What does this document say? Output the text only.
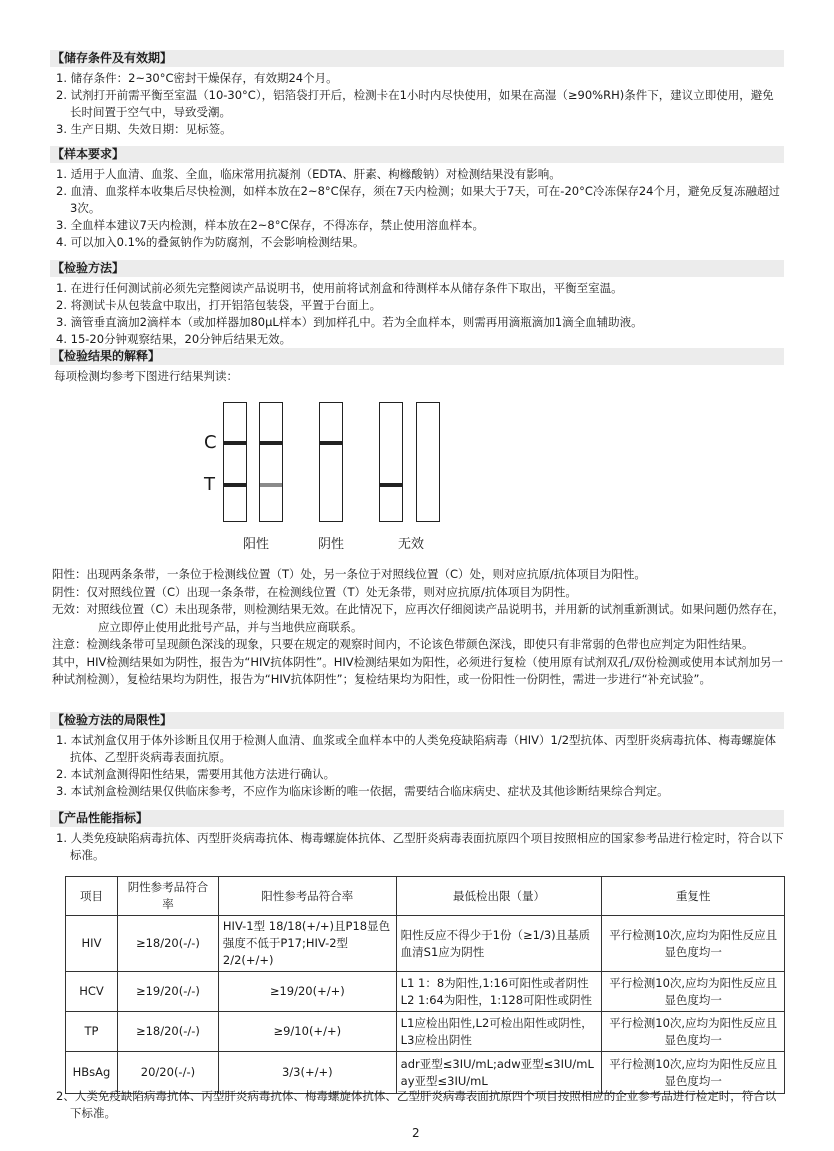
【储存条件及有效期】
1. 储存条件：2~30°C密封干燥保存，有效期24个月。
2. 试剂打开前需平衡至室温（10-30°C），铝箔袋打开后，检测卡在1小时内尽快使用，如果在高湿（≥90%RH)条件下，建议立即使用，避免长时间置于空气中，导致受潮。
3. 生产日期、失效日期：见标签。
【样本要求】
1. 适用于人血清、血浆、全血，临床常用抗凝剂（EDTA、肝素、枸橼酸钠）对检测结果没有影响。
2. 血清、血浆样本收集后尽快检测，如样本放在2~8°C保存，须在7天内检测；如果大于7天，可在-20°C冷冻保存24个月，避免反复冻融超过3次。
3. 全血样本建议7天内检测，样本放在2~8°C保存，不得冻存，禁止使用溶血样本。
4. 可以加入0.1%的叠氮钠作为防腐剂，不会影响检测结果。
【检验方法】
1. 在进行任何测试前必须先完整阅读产品说明书，使用前将试剂盒和待测样本从储存条件下取出，平衡至室温。
2. 将测试卡从包装盒中取出，打开铝箔包装袋，平置于台面上。
3. 滴管垂直滴加2滴样本（或加样器加80μL样本）到加样孔中。若为全血样本，则需再用滴瓶滴加1滴全血辅助液。
4. 15-20分钟观察结果，20分钟后结果无效。
【检验结果的解释】
每项检测均参考下图进行结果判读：
C
T
阳性	阴性	无效
阳性：出现两条条带，一条位于检测线位置（T）处，另一条位于对照线位置（C）处，则对应抗原/抗体项目为阳性。
阴性：仅对照线位置（C）出现一条条带，在检测线位置（T）处无条带，则对应抗原/抗体项目为阴性。
无效：对照线位置（C）未出现条带，则检测结果无效。在此情况下，应再次仔细阅读产品说明书，并用新的试剂重新测试。如果问题仍然存在，应立即停止使用此批号产品，并与当地供应商联系。
注意：检测线条带可呈现颜色深浅的现象，只要在规定的观察时间内，不论该色带颜色深浅，即使只有非常弱的色带也应判定为阳性结果。
其中，HIV检测结果如为阴性，报告为“HIV抗体阴性”。HIV检测结果如为阳性，必须进行复检（使用原有试剂双孔/双份检测或使用本试剂加另一种试剂检测），复检结果均为阴性，报告为“HIV抗体阴性”；复检结果均为阳性，或一份阳性一份阴性，需进一步进行“补充试验”。
【检验方法的局限性】
1. 本试剂盒仅用于体外诊断且仅用于检测人血清、血浆或全血样本中的人类免疫缺陷病毒（HIV）1/2型抗体、丙型肝炎病毒抗体、梅毒螺旋体抗体、乙型肝炎病毒表面抗原。
2. 本试剂盒测得阳性结果，需要用其他方法进行确认。
3. 本试剂盒检测结果仅供临床参考，不应作为临床诊断的唯一依据，需要结合临床病史、症状及其他诊断结果综合判定。
【产品性能指标】
1. 人类免疫缺陷病毒抗体、丙型肝炎病毒抗体、梅毒螺旋体抗体、乙型肝炎病毒表面抗原四个项目按照相应的国家参考品进行检定时，符合以下标准。
项目	阴性参考品符合率	阳性参考品符合率	最低检出限（量）	重复性
HIV	≥18/20(-/-)	HIV-1型 18/18(+/+)且P18显色强度不低于P17;HIV-2型2/2(+/+)	阳性反应不得少于1份（≥1/3)且基质血清S1应为阴性	平行检测10次,应均为阳性反应且显色度均一
HCV	≥19/20(-/-)	≥19/20(+/+)	L1 1：8为阳性,1:16可阳性或者阴性 L2 1:64为阳性，1:128可阳性或阴性	平行检测10次,应均为阳性反应且显色度均一
TP	≥18/20(-/-)	≥9/10(+/+)	L1应检出阳性,L2可检出阳性或阴性，L3应检出阴性	平行检测10次,应均为阳性反应且显色度均一
HBsAg	20/20(-/-)	3/3(+/+)	adr亚型≤3IU/mL;adw亚型≤3IU/mL ay亚型≤3IU/mL	平行检测10次,应均为阳性反应且显色度均一
2、人类免疫缺陷病毒抗体、丙型肝炎病毒抗体、梅毒螺旋体抗体、乙型肝炎病毒表面抗原四个项目按照相应的企业参考品进行检定时，符合以下标准。
2
